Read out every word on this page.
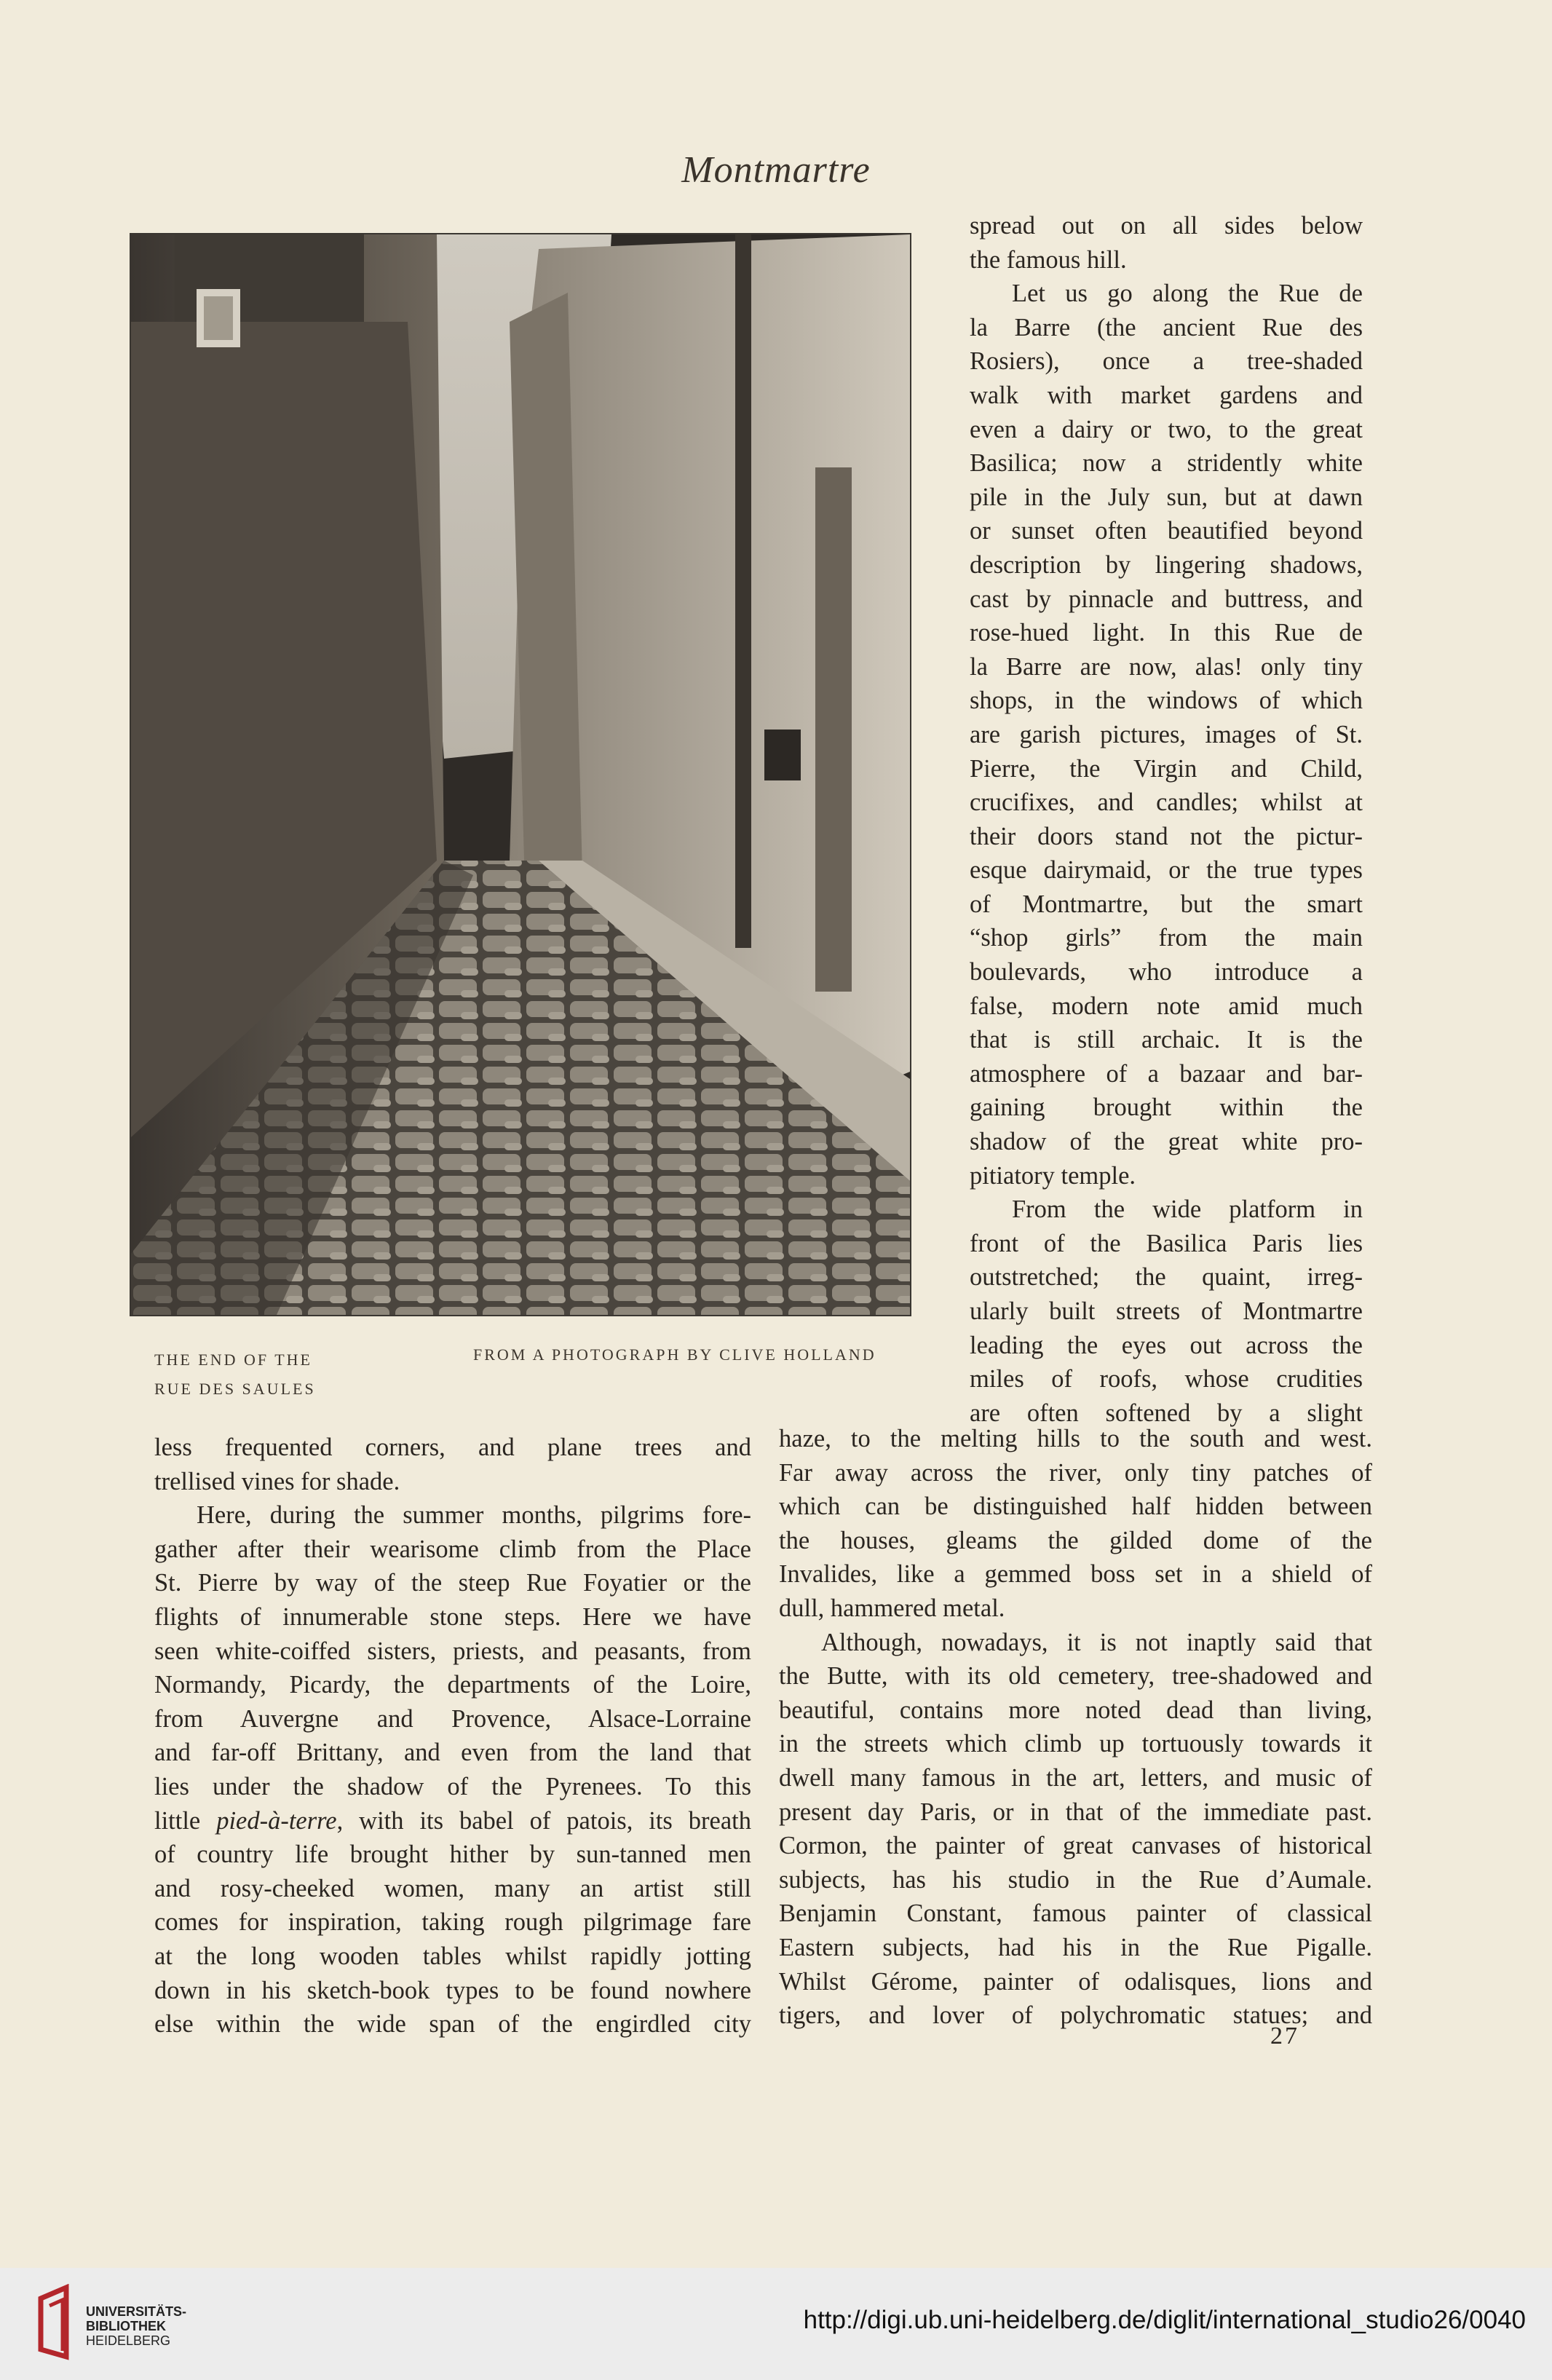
Montmartre
THE END OF THE
RUE DES SAULES
FROM A PHOTOGRAPH BY CLIVE HOLLAND
spread out on all sides below
the famous hill.
Let us go along the Rue de
la Barre (the ancient Rue des
Rosiers), once a tree-shaded
walk with market gardens and
even a dairy or two, to the great
Basilica; now a stridently white
pile in the July sun, but at dawn
or sunset often beautified beyond
description by lingering shadows,
cast by pinnacle and buttress, and
rose-hued light. In this Rue de
la Barre are now, alas! only tiny
shops, in the windows of which
are garish pictures, images of St.
Pierre, the Virgin and Child,
crucifixes, and candles; whilst at
their doors stand not the pictur-
esque dairymaid, or the true types
of Montmartre, but the smart
“shop girls” from the main
boulevards, who introduce a
false, modern note amid much
that is still archaic. It is the
atmosphere of a bazaar and bar-
gaining brought within the
shadow of the great white pro-
pitiatory temple.
From the wide platform in
front of the Basilica Paris lies
outstretched; the quaint, irreg-
ularly built streets of Montmartre
leading the eyes out across the
miles of roofs, whose crudities
are often softened by a slight
less frequented corners, and plane trees and
trellised vines for shade.
Here, during the summer months, pilgrims fore-
gather after their wearisome climb from the Place
St. Pierre by way of the steep Rue Foyatier or the
flights of innumerable stone steps. Here we have
seen white-coiffed sisters, priests, and peasants, from
Normandy, Picardy, the departments of the Loire,
from Auvergne and Provence, Alsace-Lorraine
and far-off Brittany, and even from the land that
lies under the shadow of the Pyrenees. To this
little pied-à-terre, with its babel of patois, its breath
of country life brought hither by sun-tanned men
and rosy-cheeked women, many an artist still
comes for inspiration, taking rough pilgrimage fare
at the long wooden tables whilst rapidly jotting
down in his sketch-book types to be found nowhere
else within the wide span of the engirdled city
haze, to the melting hills to the south and west.
Far away across the river, only tiny patches of
which can be distinguished half hidden between
the houses, gleams the gilded dome of the
Invalides, like a gemmed boss set in a shield of
dull, hammered metal.
Although, nowadays, it is not inaptly said that
the Butte, with its old cemetery, tree-shadowed and
beautiful, contains more noted dead than living,
in the streets which climb up tortuously towards it
dwell many famous in the art, letters, and music of
present day Paris, or in that of the immediate past.
Cormon, the painter of great canvases of historical
subjects, has his studio in the Rue d’Aumale.
Benjamin Constant, famous painter of classical
Eastern subjects, had his in the Rue Pigalle.
Whilst Gérome, painter of odalisques, lions and
tigers, and lover of polychromatic statues; and
27
UNIVERSITÄTS-
BIBLIOTHEK
HEIDELBERG
http://digi.ub.uni-heidelberg.de/diglit/international_studio26/0040
